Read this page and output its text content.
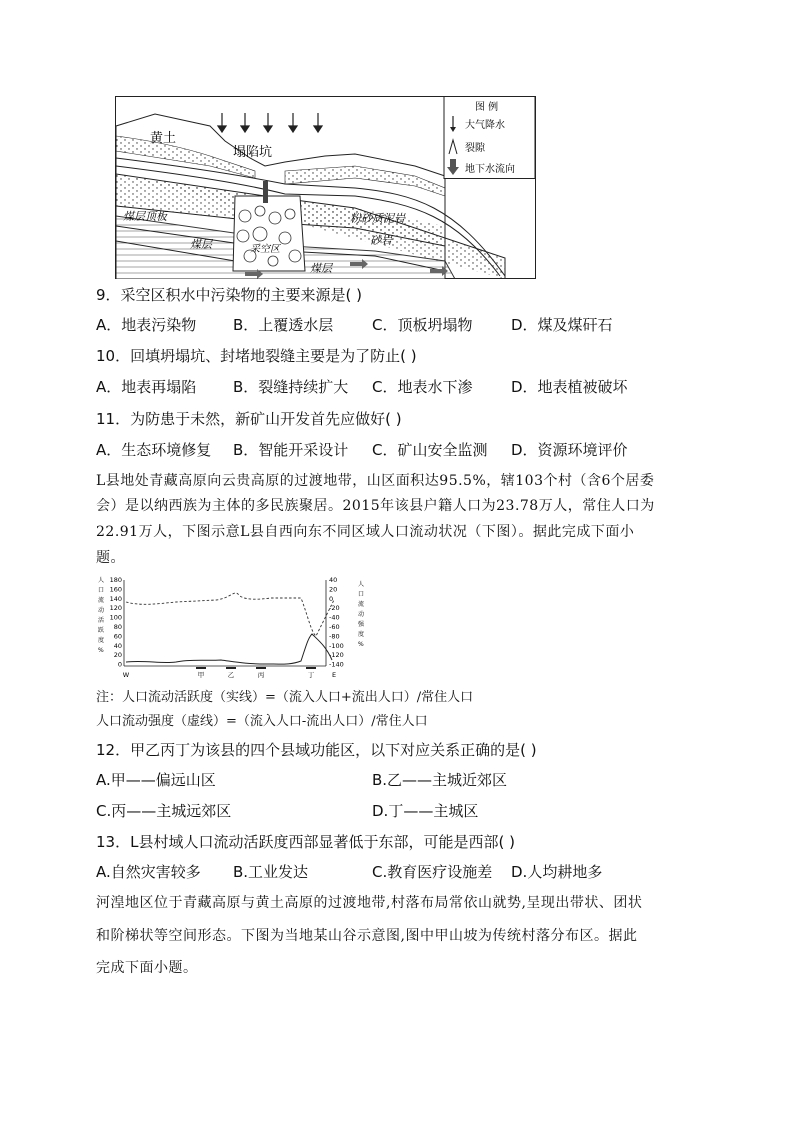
黄土
塌陷坑
煤层顶板
煤层	采空区
煤层
粉砂质泥岩
砂岩
图 例
大气降水
裂隙
地下水流向
9．采空区积水中污染物的主要来源是( )
A．地表污染物 B．上覆透水层	C．顶板坍塌物	D．煤及煤矸石
10．回填坍塌坑、封堵地裂缝主要是为了防止( )
A．地表再塌陷 B．裂缝持续扩大 C．地表水下渗	D．地表植被破坏
11．为防患于未然，新矿山开发首先应做好( )
A．生态环境修复 B．智能开采设计 C．矿山安全监测 D．资源环境评价
L县地处青藏高原向云贵高原的过渡地带，山区面积达95.5%，辖103个村（含6个居委
会）是以纳西族为主体的多民族聚居。2015年该县户籍人口为23.78万人，常住人口为
22.91万人，下图示意L县自西向东不同区域人口流动状况（下图）。据此完成下面小
题。
人
口
流
动
活
跃
度
%
180
160
140
120
100
80
60
40
20
0
40
20
0
-20
-40
-60
-80
-100
-120
-140
人
口
流
动
强
度
%
W	甲	乙	丙	丁	E
注：人口流动活跃度（实线）=（流入人口+流出人口）/常住人口
人口流动强度（虚线）=（流入人口-流出人口）/常住人口
12．甲乙丙丁为该县的四个县域功能区，以下对应关系正确的是( )
A.甲——偏远山区	B.乙——主城近郊区
C.丙——主城远郊区	D.丁——主城区
13．L县村域人口流动活跃度西部显著低于东部，可能是西部( )
A.自然灾害较多 B.工业发达	C.教育医疗设施差 D.人均耕地多
河湟地区位于青藏高原与黄土高原的过渡地带,村落布局常依山就势,呈现出带状、团状
和阶梯状等空间形态。下图为当地某山谷示意图,图中甲山坡为传统村落分布区。据此
完成下面小题。
